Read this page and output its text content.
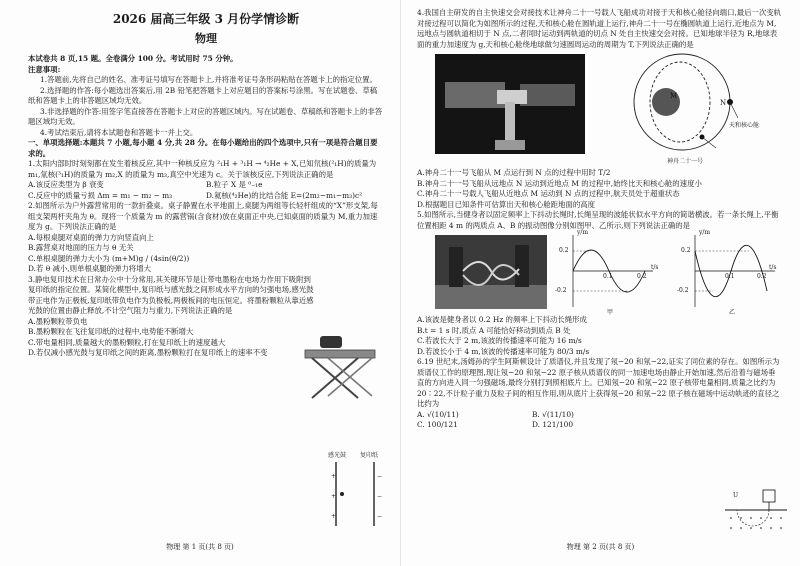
2026 届高三年级 3 月份学情诊断
物理

本试卷共 8 页,15 题。全卷满分 100 分。考试用时 75 分钟。

注意事项:

1.答题前,先将自己的姓名、准考证号填写在答题卡上,并将准考证号条形码粘贴在答题卡上的指定位置。

2.选择题的作答:每小题选出答案后,用 2B 铅笔把答题卡上对应题目的答案标号涂黑。写在试题卷、草稿纸和答题卡上的非答题区域均无效。

3.非选择题的作答:用签字笔直接答在答题卡上对应的答题区域内。写在试题卷、草稿纸和答题卡上的非答题区域均无效。

4.考试结束后,请将本试题卷和答题卡一并上交。

一、单项选择题:本题共 7 小题,每小题 4 分,共 28 分。在每小题给出的四个选项中,只有一项是符合题目要求的。

1.太阳内部时时刻刻都在发生着核反应,其中一种核反应为 ²₁H + ³₁H → ⁴₂He + X,已知氘核(²₁H)的质量为 m₁,氚核(³₁H)的质量为 m₂,X 的质量为 m₃,真空中光速为 c。关于该核反应,下列说法正确的是

A.该反应类型为 β 衰变	B.粒子 X 是 ⁰₋₁e

C.反应中的质量亏损 Δm = m₁ − m₂ − m₃	D.氦核(⁴₂He)的比结合能 E=(2m₂−m₁−m₃)c²

2.如图所示为户外露营常用的一款折叠桌。桌子静置在水平地面上,桌腿为两组等长轻杆组成的“X”形支架,每组支架两杆夹角为 θ。现将一个质量为 m 的露营锅(含食材)放在桌面正中央,已知桌面的质量为 M,重力加速度为 g。下列说法正确的是

A.每根桌腿对桌面的弹力方向竖直向上

B.露营桌对地面的压力与 θ 无关

C.单根桌腿的弹力大小为 (m+M)g / (4sin(θ/2))

D.若 θ 减小,则单根桌腿的弹力将增大

3.静电复印技术在日常办公中十分常用,其关键环节是让带电墨粉在电场力作用下吸附到复印纸的指定位置。某简化模型中,复印纸与感光鼓之间形成水平方向的匀强电场,感光鼓带正电作为正极板,复印纸带负电作为负极板,两极板间的电压恒定。将墨粉颗粒从靠近感光鼓的位置由静止释放,不计空气阻力与重力,下列说法正确的是

A.墨粉颗粒带负电

B.墨粉颗粒在飞往复印纸的过程中,电势能不断增大

C.带电量相同,质量越大的墨粉颗粒,打在复印纸上的速度越大

D.若仅减小感光鼓与复印纸之间的距离,墨粉颗粒打在复印纸上的速率不变

感光鼓 复印纸
+
+
+
−
−
−
物理 第 1 页(共 8 页)

4.我国自主研发的自主快速交会对接技术让神舟二十一号载人飞船成功对接于天和核心舱径向端口,最后一次变轨对接过程可以简化为如图所示的过程,天和核心舱在圆轨道上运行,神舟二十一号在椭圆轨道上运行,近地点为 M,远地点与圆轨道相切于 N 点,二者同时运动到两轨道的切点 N 处自主快速交会对接。已知地球半径为 R,地球表面的重力加速度为 g,天和核心舱绕地球做匀速圆周运动的周期为 T,下列说法正确的是

M
N
天和核心舱
神舟二十一号

A.神舟二十一号飞船从 M 点运行到 N 点的过程中用时 T/2

B.神舟二十一号飞船从远地点 N 运动到近地点 M 的过程中,始终比天和核心舱的速度小

C.神舟二十一号载人飞船从近地点 M 运动到 N 点的过程中,航天员处于超重状态

D.根据题目已知条件可估算出天和核心舱距地面的高度

5.如图所示,当健身者以固定频率上下抖动长绳时,长绳呈现的波能状似水平方向的简谐横波。若一条长绳上,平衡位置相距 4 m 的两质点 A、B 的振动图像分别如图甲、乙所示,则下列说法正确的是

y/m
0.2
-0.2
0.1	0.2
t/s
甲
y/m
0.2
-0.2
0.1	0.2
t/s
乙

A.该波是健身者以 0.2 Hz 的频率上下抖动长绳形成

B.t = 1 s 时,质点 A 可能恰好移动到质点 B 处

C.若波长大于 2 m,该波的传播速率可能为 16 m/s

D.若波长小于 4 m,该波的传播速率可能为 80/3 m/s

6.19 世纪末,汤姆孙的学生阿斯顿设计了质谱仪,并且发现了氖−20 和氖−22,证实了同位素的存在。如图所示为质谱仪工作的原理图,现让氖−20 和氖−22 原子核从质谱仪的同一加速电场由静止开始加速,然后沿着与磁场垂直的方向进入同一匀强磁场,最终分别打到照相底片上。已知氖−20 和氖−22 原子核带电量相同,质量之比约为 20∶22,不计粒子重力及粒子间的相互作用,则从底片上获得氖−20 和氖−22 原子核在磁场中运动轨迹的直径之比约为

A. √(10/11)	B. √(11/10)

C. 100/121	D. 121/100

U
物理 第 2 页(共 8 页)
